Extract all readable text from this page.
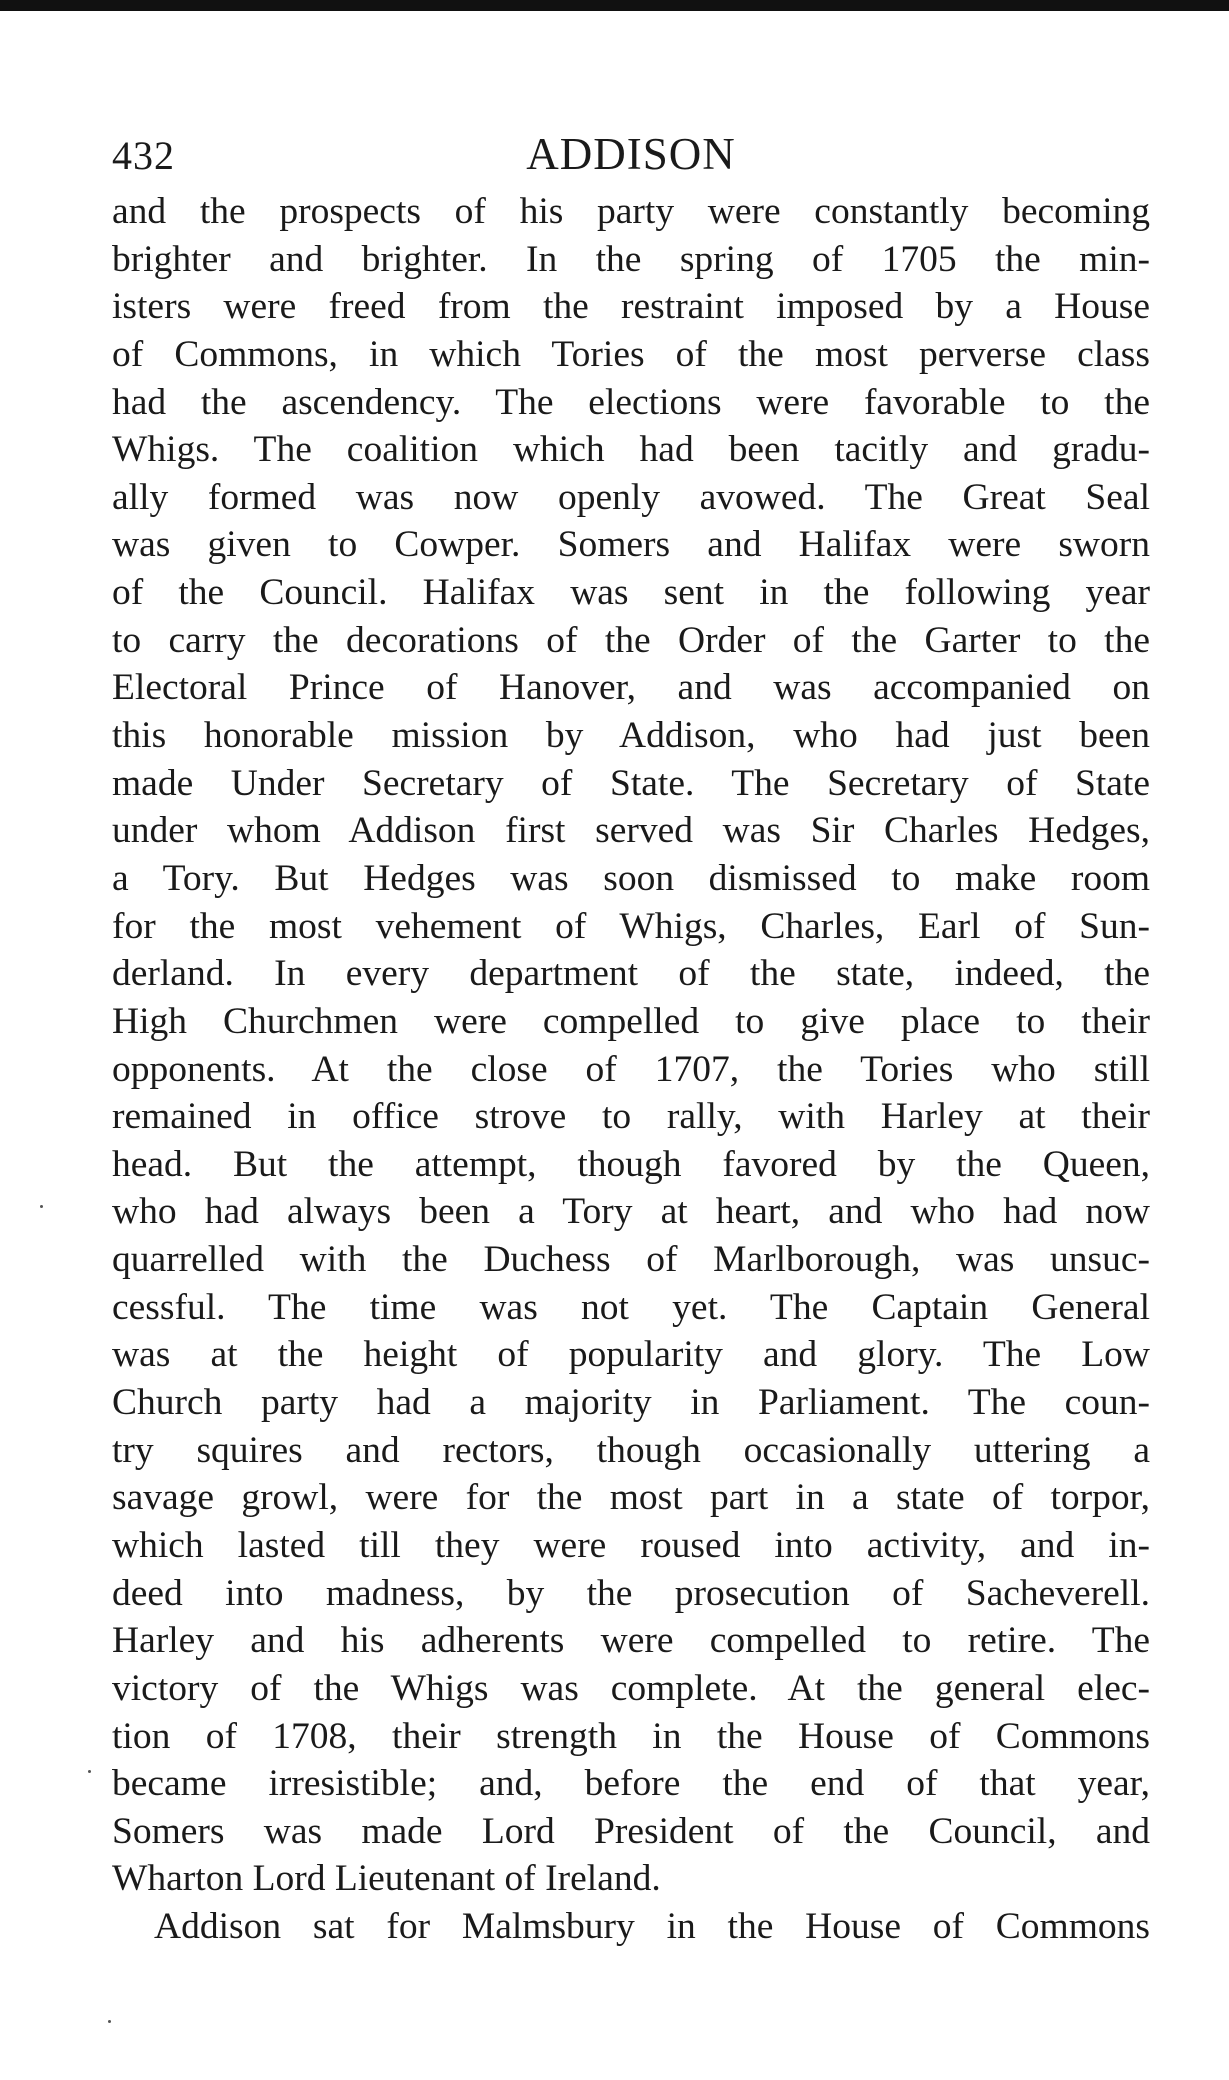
432	ADDISON
and the prospects of his party were constantly becoming
brighter and brighter. In the spring of 1705 the min-
isters were freed from the restraint imposed by a House
of Commons, in which Tories of the most perverse class
had the ascendency. The elections were favorable to the
Whigs. The coalition which had been tacitly and gradu-
ally formed was now openly avowed. The Great Seal
was given to Cowper. Somers and Halifax were sworn
of the Council. Halifax was sent in the following year
to carry the decorations of the Order of the Garter to the
Electoral Prince of Hanover, and was accompanied on
this honorable mission by Addison, who had just been
made Under Secretary of State. The Secretary of State
under whom Addison first served was Sir Charles Hedges,
a Tory. But Hedges was soon dismissed to make room
for the most vehement of Whigs, Charles, Earl of Sun-
derland. In every department of the state, indeed, the
High Churchmen were compelled to give place to their
opponents. At the close of 1707, the Tories who still
remained in office strove to rally, with Harley at their
head. But the attempt, though favored by the Queen,
who had always been a Tory at heart, and who had now
quarrelled with the Duchess of Marlborough, was unsuc-
cessful. The time was not yet. The Captain General
was at the height of popularity and glory. The Low
Church party had a majority in Parliament. The coun-
try squires and rectors, though occasionally uttering a
savage growl, were for the most part in a state of torpor,
which lasted till they were roused into activity, and in-
deed into madness, by the prosecution of Sacheverell.
Harley and his adherents were compelled to retire. The
victory of the Whigs was complete. At the general elec-
tion of 1708, their strength in the House of Commons
became irresistible; and, before the end of that year,
Somers was made Lord President of the Council, and
Wharton Lord Lieutenant of Ireland.
Addison sat for Malmsbury in the House of Commons
